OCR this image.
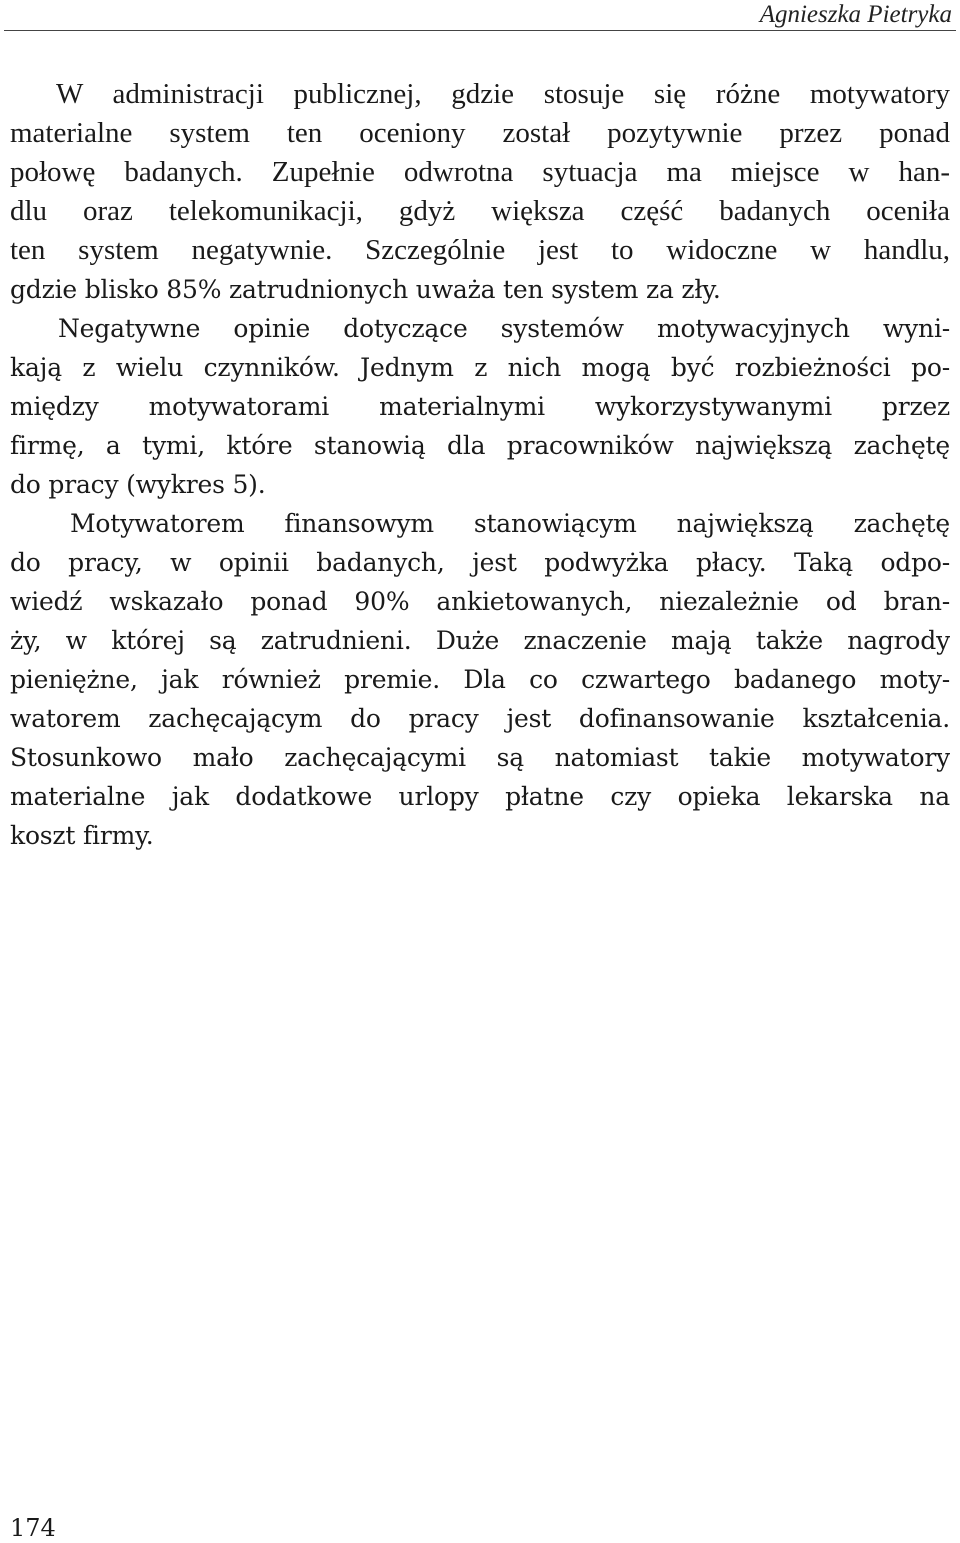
Agnieszka Pietryka
W administracji publicznej, gdzie stosuje się różne motywatory
materialne system ten oceniony został pozytywnie przez ponad
połowę badanych. Zupełnie odwrotna sytuacja ma miejsce w han-
dlu oraz telekomunikacji, gdyż większa część badanych oceniła
ten system negatywnie. Szczególnie jest to widoczne w handlu,
gdzie blisko 85% zatrudnionych uważa ten system za zły.
Negatywne opinie dotyczące systemów motywacyjnych wyni-
kają z wielu czynników. Jednym z nich mogą być rozbieżności po-
między motywatorami materialnymi wykorzystywanymi przez
firmę, a tymi, które stanowią dla pracowników największą zachętę
do pracy (wykres 5).
Motywatorem finansowym stanowiącym największą zachętę
do pracy, w opinii badanych, jest podwyżka płacy. Taką odpo-
wiedź wskazało ponad 90% ankietowanych, niezależnie od bran-
ży, w której są zatrudnieni. Duże znaczenie mają także nagrody
pieniężne, jak również premie. Dla co czwartego badanego moty-
watorem zachęcającym do pracy jest dofinansowanie kształcenia.
Stosunkowo mało zachęcającymi są natomiast takie motywatory
materialne jak dodatkowe urlopy płatne czy opieka lekarska na
koszt firmy.
174
